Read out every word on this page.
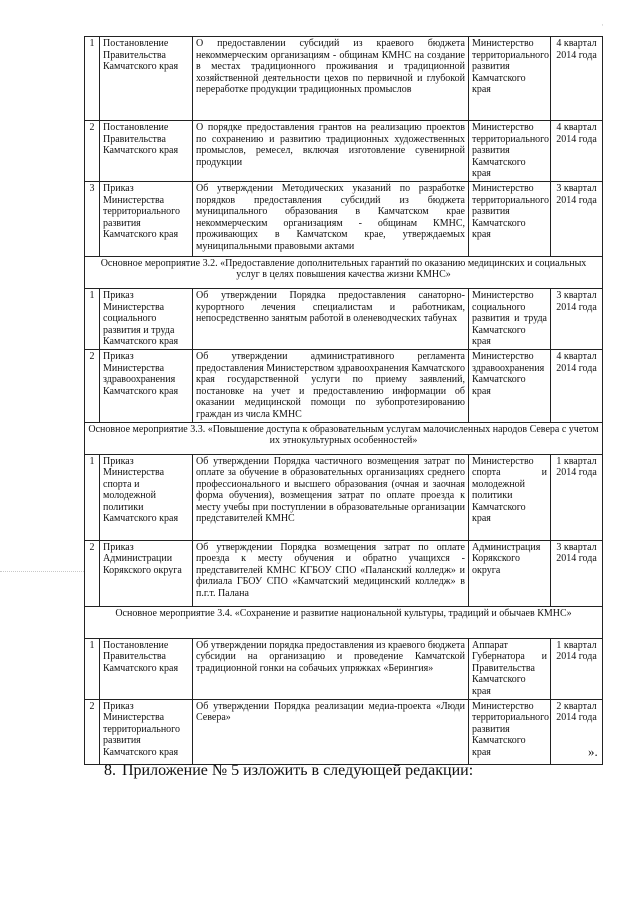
1	Постановление Правительства Камчатского края	О предоставлении субсидий из краевого бюджета некоммерческим организациям - общинам КМНС на создание в местах традиционного проживания и традиционной хозяйственной деятельности цехов по первичной и глубокой переработке продукции традиционных промыслов	Министерство территориального развития Камчатского края	4 квартал 2014 года
2	Постановление Правительства Камчатского края	О порядке предоставления грантов на реализацию проектов по сохранению и развитию традиционных художественных промыслов, ремесел, включая изготовление сувенирной продукции	Министерство территориального развития Камчатского края	4 квартал 2014 года
3	Приказ Министерства территориального развития Камчатского края	Об утверждении Методических указаний по разработке порядков предоставления субсидий из бюджета муниципального образования в Камчатском крае некоммерческим организациям - общинам КМНС, проживающих в Камчатском крае, утверждаемых муниципальными правовыми актами	Министерство территориального развития Камчатского края	3 квартал 2014 года
Основное мероприятие 3.2. «Предоставление дополнительных гарантий по оказанию медицинских и социальных услуг в целях повышения качества жизни КМНС»				
1	Приказ Министерства социального развития и труда Камчатского края	Об утверждении Порядка предоставления санаторно-курортного лечения специалистам и работникам, непосредственно занятым работой в оленеводческих табунах	Министерство социального развития и труда Камчатского края	3 квартал 2014 года
2	Приказ Министерства здравоохранения Камчатского края	Об утверждении административного регламента предоставления Министерством здравоохранения Камчатского края государственной услуги по приему заявлений, постановке на учет и предоставлению информации об оказании медицинской помощи по зубопротезированию граждан из числа КМНС	Министерство здравоохранения Камчатского края	4 квартал 2014 года
Основное мероприятие 3.3. «Повышение доступа к образовательным услугам малочисленных народов Севера с учетом их этнокультурных особенностей»				
1	Приказ Министерства спорта и молодежной политики Камчатского края	Об утверждении Порядка частичного возмещения затрат по оплате за обучение в образовательных организациях среднего профессионального и высшего образования (очная и заочная форма обучения), возмещения затрат по оплате проезда к месту учебы при поступлении в образовательные организации представителей КМНС	Министерство спорта и молодежной политики Камчатского края	1 квартал 2014 года
2	Приказ Администрации Корякского округа	Об утверждении Порядка возмещения затрат по оплате проезда к месту обучения и обратно учащихся - представителей КМНС КГБОУ СПО «Паланский колледж» и филиала ГБОУ СПО «Камчатский медицинский колледж» в п.г.т. Палана	Администрация Корякского округа	3 квартал 2014 года
Основное мероприятие 3.4. «Сохранение и развитие национальной культуры, традиций и обычаев КМНС»				
1	Постановление Правительства Камчатского края	Об утверждении порядка предоставления из краевого бюджета субсидии на организацию и проведение Камчатской традиционной гонки на собачьих упряжках «Берингия»	Аппарат Губернатора и Правительства Камчатского края	1 квартал 2014 года
2	Приказ Министерства территориального развития Камчатского края	Об утверждении Порядка реализации медиа-проекта «Люди Севера»	Министерство территориального развития Камчатского края	2 квартал 2014 года
·
».
8. Приложение № 5 изложить в следующей редакции:
